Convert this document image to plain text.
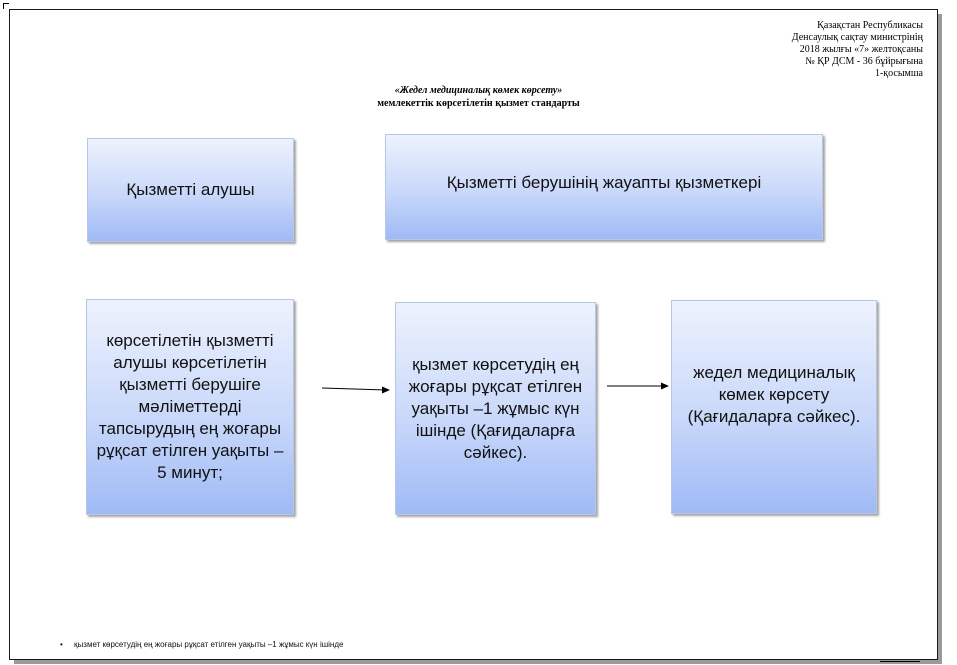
Қазақстан Республикасы
Денсаулық сақтау министрінің
2018 жылғы «7» желтоқсаны
№ ҚР ДСМ - 36 бұйрығына
1-қосымша
«Жедел медициналық көмек көрсету»
мемлекеттік көрсетілетін қызмет стандарты
Қызметті алушы	Қызметті берушінің жауапты қызметкері
көрсетілетін қызметті алушы көрсетілетін қызметті берушіге мәліметтерді тапсырудың ең жоғары рұқсат етілген уақыты – 5 минут;
қызмет көрсетудің ең жоғары рұқсат етілген уақыты –1 жұмыс күн ішінде (Қағидаларға сәйкес).
жедел медициналық көмек көрсету (Қағидаларға сәйкес).
• қызмет көрсетудің ең жоғары рұқсат етілген уақыты –1 жұмыс күн ішінде
